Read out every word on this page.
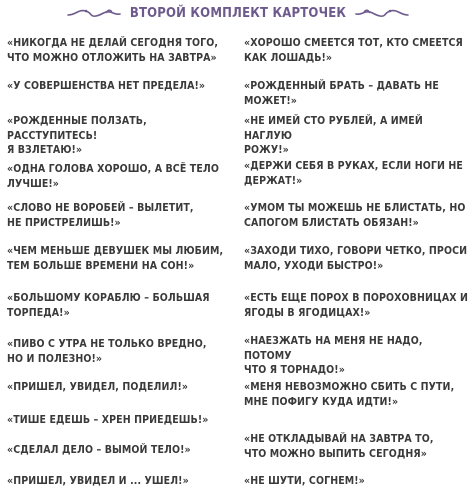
ВТОРОЙ КОМПЛЕКТ КАРТОЧЕК

«НИКОГДА НЕ ДЕЛАЙ СЕГОДНЯ ТОГО,
ЧТО МОЖНО ОТЛОЖИТЬ НА ЗАВТРА»

«У СОВЕРШЕНСТВА НЕТ ПРЕДЕЛА!»

«РОЖДЕННЫЕ ПОЛЗАТЬ, РАССТУПИТЕСЬ!
Я ВЗЛЕТАЮ!»

«ОДНА ГОЛОВА ХОРОШО, А ВСЁ ТЕЛО
ЛУЧШЕ!»

«СЛОВО НЕ ВОРОБЕЙ – ВЫЛЕТИТ,
НЕ ПРИСТРЕЛИШЬ!»

«ЧЕМ МЕНЬШЕ ДЕВУШЕК МЫ ЛЮБИМ,
ТЕМ БОЛЬШЕ ВРЕМЕНИ НА СОН!»

«БОЛЬШОМУ КОРАБЛЮ – БОЛЬШАЯ
ТОРПЕДА!»

«ПИВО С УТРА НЕ ТОЛЬКО ВРЕДНО,
НО И ПОЛЕЗНО!»

«ПРИШЕЛ, УВИДЕЛ, ПОДЕЛИЛ!»

«ТИШЕ ЕДЕШЬ – ХРЕН ПРИЕДЕШЬ!»

«СДЕЛАЛ ДЕЛО – ВЫМОЙ ТЕЛО!»

«ПРИШЕЛ, УВИДЕЛ И ... УШЕЛ!»

«ХОРОШО СМЕЕТСЯ ТОТ, КТО СМЕЕТСЯ
КАК ЛОШАДЬ!»

«РОЖДЕННЫЙ БРАТЬ – ДАВАТЬ НЕ МОЖЕТ!»

«НЕ ИМЕЙ СТО РУБЛЕЙ, А ИМЕЙ НАГЛУЮ
РОЖУ!»

«ДЕРЖИ СЕБЯ В РУКАХ, ЕСЛИ НОГИ НЕ
ДЕРЖАТ!»

«УМОМ ТЫ МОЖЕШЬ НЕ БЛИСТАТЬ, НО
САПОГОМ БЛИСТАТЬ ОБЯЗАН!»

«ЗАХОДИ ТИХО, ГОВОРИ ЧЕТКО, ПРОСИ
МАЛО, УХОДИ БЫСТРО!»

«ЕСТЬ ЕЩЕ ПОРОХ В ПОРОХОВНИЦАХ И
ЯГОДЫ В ЯГОДИЦАХ!»

«НАЕЗЖАТЬ НА МЕНЯ НЕ НАДО, ПОТОМУ
ЧТО Я ТОРНАДО!»

«МЕНЯ НЕВОЗМОЖНО СБИТЬ С ПУТИ,
МНЕ ПОФИГУ КУДА ИДТИ!»

«НЕ ОТКЛАДЫВАЙ НА ЗАВТРА ТО,
ЧТО МОЖНО ВЫПИТЬ СЕГОДНЯ»

«НЕ ШУТИ, СОГНЕМ!»
